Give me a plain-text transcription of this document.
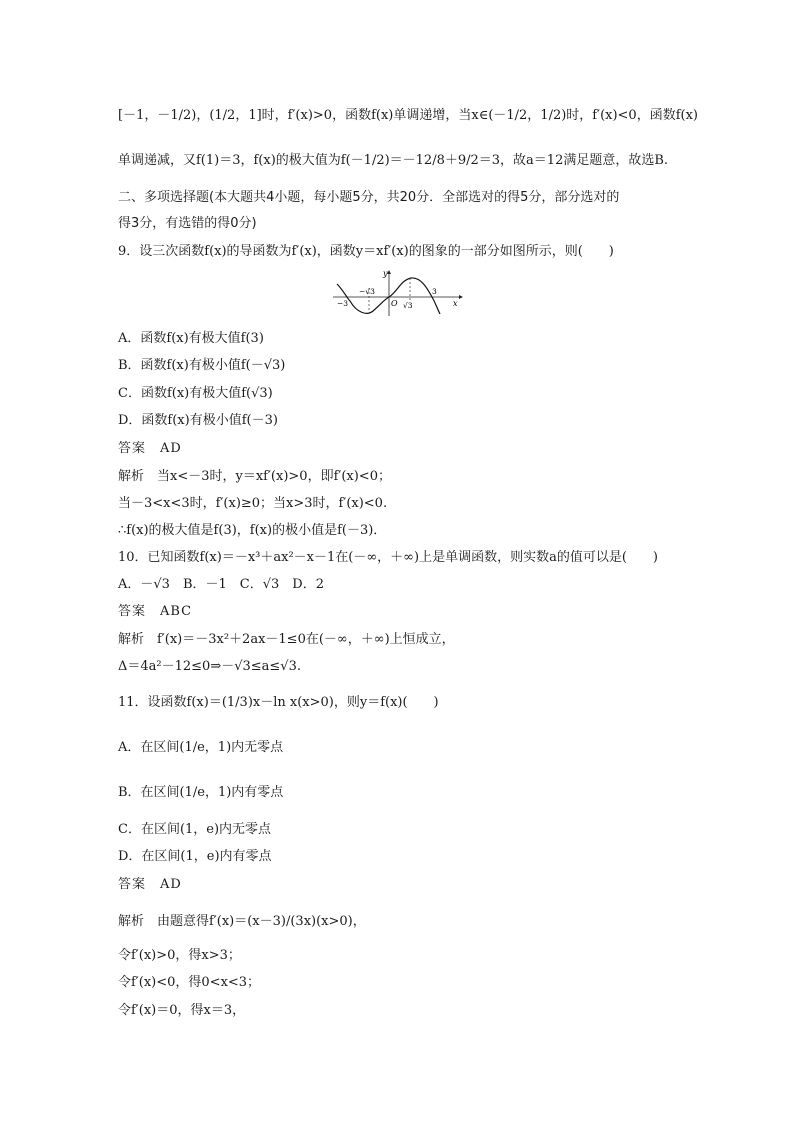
[－1，－1/2)，(1/2，1]时，f′(x)>0，函数f(x)单调递增，当x∈(－1/2，1/2)时，f′(x)<0，函数f(x)
单调递减，又f(1)＝3，f(x)的极大值为f(－1/2)＝－12/8＋9/2＝3，故a＝12满足题意，故选B.
二、多项选择题(本大题共4小题，每小题5分，共20分．全部选对的得5分，部分选对的
得3分，有选错的得0分)
9．设三次函数f(x)的导函数为f′(x)，函数y＝xf′(x)的图象的一部分如图所示，则(　　)
y
x
O
−3
−√3
√3
3
A．函数f(x)有极大值f(3)
B．函数f(x)有极小值f(－√3)
C．函数f(x)有极大值f(√3)
D．函数f(x)有极小值f(－3)
答案　AD
解析　当x<－3时，y＝xf′(x)>0，即f′(x)<0；
当－3<x<3时，f′(x)≥0；当x>3时，f′(x)<0.
∴f(x)的极大值是f(3)，f(x)的极小值是f(－3)．
10．已知函数f(x)＝－x³＋ax²－x－1在(－∞，＋∞)上是单调函数，则实数a的值可以是(　　)
A．－√3　B．－1　C．√3　D．2
答案　ABC
解析　f′(x)＝－3x²＋2ax－1≤0在(－∞，＋∞)上恒成立，
Δ＝4a²－12≤0⇒－√3≤a≤√3.
11．设函数f(x)＝(1/3)x－ln x(x>0)，则y＝f(x)(　　)
A．在区间(1/e，1)内无零点
B．在区间(1/e，1)内有零点
C．在区间(1，e)内无零点
D．在区间(1，e)内有零点
答案　AD
解析　由题意得f′(x)＝(x－3)/(3x)(x>0)，
令f′(x)>0，得x>3；
令f′(x)<0，得0<x<3；
令f′(x)＝0，得x＝3，
